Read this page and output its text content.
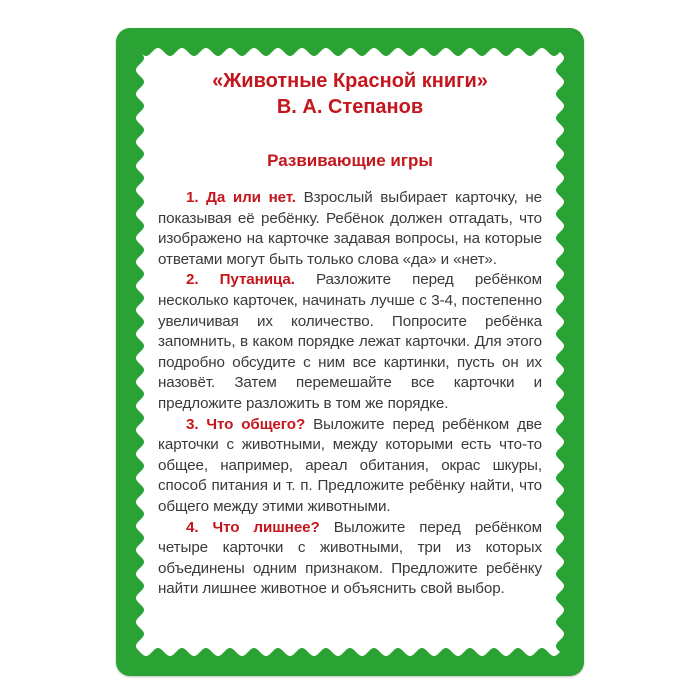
«Животные Красной книги»
В. А. Степанов
Развивающие игры

1. Да или нет. Взрослый выбирает карточку, не показывая её ребёнку. Ребёнок должен отгадать, что изображено на карточке задавая вопросы, на которые ответами могут быть только слова «да» и «нет».

2. Путаница. Разложите перед ребёнком несколько карточек, начинать лучше с 3-4, постепенно увеличивая их количество. Попросите ребёнка запомнить, в каком порядке лежат карточки. Для этого подробно обсудите с ним все картинки, пусть он их назовёт. Затем перемешайте все карточки и предложите разложить в том же порядке.

3. Что общего? Выложите перед ребёнком две карточки с животными, между которыми есть что-то общее, например, ареал обитания, окрас шкуры, способ питания и т. п. Предложите ребёнку найти, что общего между этими животными.

4. Что лишнее? Выложите перед ребёнком четыре карточки с животными, три из которых объединены одним признаком. Предложите ребёнку найти лишнее животное и объяснить свой выбор.
